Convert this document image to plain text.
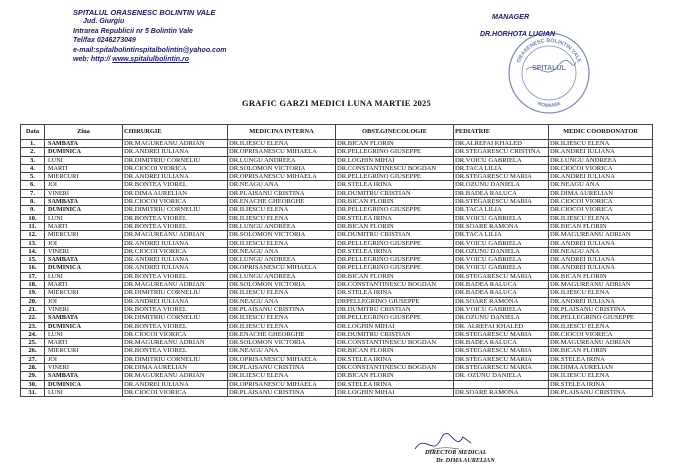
SPITALUL ORASENESC BOLINTIN VALE
Jud. Giurgiu
Intrarea Republicii nr 5 Bolintin Vale
Tel/fax 0246273049
e-mail:spitalbolintinspitalbolintin@yahoo.com
web: http:// www.spitalulbolintin.ro
MANAGER
ORASENESC BOLINTIN VALE
SPITALUL
ROMANIA
DR.HORHOTA LUCIAN
GRAFIC GARZI MEDICI LUNA MARTIE 2025
Data	Ziua	CHIRURGIE	MEDICINA INTERNA	OBST.GINECOLOGIE	PEDIATRIE	MEDIC COORDONATOR
1.	SAMBATA	DR.MAGUREANU ADRIAN	DR.ILIESCU ELENA	DR.BICAN FLORIN	DR.ALREFAI KHALED	DR.ILIESCU ELENA
2.	DUMINICA	DR.ANDREI IULIANA	DR.OPRISANESCU MIHAELA	DR.PELLEGRINO GIUSEPPE	DR.STEGARESCU CRISTINA	DR.ANDREI IULIANA
3.	LUNI	DR.DIMITRIU CORNELIU	DR.LUNGU ANDREEA	DR.LOGHIN MIHAI	DR.VOICU GABRIELA	DR.LUNGU ANDREEA
4.	MARTI	DR.CIOCOI VIORICA	DR.SOLOMON VICTORIA	DR.CONSTANTINESCU BOGDAN	DR.TACA LILIA	DR.CIOCOI VIORICA
5.	MIERCURI	DR.ANDREI IULIANA	DR.OPRISANESCU MIHAELA	DR.PELLEGRINO GIUSEPPE	DR.STEGARESCU MARIA	DR.ANDREI IULIANA
6.	JOI	DR.BONTEA VIOREL	DR.NEAGU ANA	DR.STELEA IRINA	DR.OZUNU DANIELA	DR.NEAGU ANA
7.	VINERI	DR.DIMA AURELIAN	DR.PLAISANU CRISTINA	DR.DUMITRU CRISTIAN	DR.BADEA RALUCA	DR.DIMA AURELIAN
8.	SAMBATA	DR.CIOCOI VIORICA	DR.ENACHE GHEORGHE	DR.BICAN FLORIN	DR.STEGARESCU MARIA	DR.CIOCOI VIORICA
9.	DUMINICA	DR.DIMITRIU CORNELIU	DR.ILIESCU ELENA	DR.PELLEGRINO GIUSEPPE	DR.TACA LILIA	DR.CIOCOI VIORICA
10.	LUNI	DR.BONTEA VIOREL	DR.ILIESCU ELENA	DR.STELEA IRINA	DR.VOICU GABRIELA	DR.ILIESCU ELENA
11.	MARTI	DR.BONTEA VIOREL	DR.LUNGU ANDREEA	DR.BICAN FLORIN	DR.SOARE RAMONA	DR.BICAN FLORIN
12.	MIERCURI	DR.MAGUREANU ADRIAN	DR.SOLOMON VICTORIA	DR.DUMITRU CRISTIAN	DR.TACA LILIA	DR.MAGUREANU ADRIAN
13.	JOI	DR.ANDREI IULIANA	DR.ILIESCU ELENA	DR.PELLEGRINO GIUSEPPE	DR.VOICU GABRIELA	DR.ANDREI IULIANA
14.	VINERI	DR.CIOCOI VIORICA	DR.NEAGU ANA	DR.STELEA IRINA	DR.OZUNU DANIELA	DR.NEAGU ANA
15.	SAMBATA	DR.ANDREI IULIANA	DR.LUNGU ANDREEA	DR.PELLEGRINO GIUSEPPE	DR.VOICU GABRIELA	DR.ANDREI IULIANA
16.	DUMINICA	DR.ANDREI IULIANA	DR.OPRISANESCU MIHAELA	DR.PELLEGRINO GIUSEPPE	DR.VOICU GABRIELA	DR.ANDREI IULIANA
17.	LUNI	DR.BONTEA VIOREL	DR.LUNGU ANDREEA	DR.BICAN FLORIN	DR.STEGARESCU MARIA	DR.BICAN FLORIN
18.	MARTI	DR.MAGUREANU ADRIAN	DR.SOLOMON VICTORIA	DR.CONSTANTINESCU BOGDAN	DR.BADEA RALUCA	DR.MAGUREANU ADRIAN
19.	MIERCURI	DR.DIMITRIU CORNELIU	DR.ILIESCU ELENA	DR.STELEA IRINA	DR.BADEA RALUCA	DR.ILIESCU ELENA
20.	JOI	DR.ANDREI IULIANA	DR.NEAGU ANA	DRPELLEGRINO GIUSEPPE	DR.SOARE RAMONA	DR.ANDREI IULIANA
21.	VINERI	DR.BONTEA VIOREL	DR.PLAISANU CRISTINA	DR.DUMITRU CRISTIAN	DR.VOICU GABRIELA	DR.PLAISANU CRISTINA
22.	SAMBATA	DR.DIMITRIU CORNELIU	DR.ILIESCU ELENA	DR.PELLEGRINO GIUSEPPE	DR.OZUNU DANIELA	DR.PELLEGRINO GIUSEPPE
23.	DUMINICA	DR.BONTEA VIOREL	DR.ILIESCU ELENA	DR.LOGHIN MIHAI	DR. ALREFAI KHALED	DR.ILIESCU ELENA
24.	LUNI	DR.CIOCOI VIORICA	DR.ENACHE GHEORGHE	DR.DUMITRU CRISTIAN	DR.STEGARESCU MARIA	DR.CIOCOI VIORICA
25.	MARTI	DR.MAGUREANU ADRIAN	DR.SOLOMON VICTORIA	DR.CONSTANTINESCU BOGDAN	DR.BADEA RALUCA	DR.MAGUREANU ADRIAN
26.	MIERCURI	DR.BONTEA VIOREL	DR.NEAGU ANA	DR.BICAN FLORIN	DR.STEGARESCU MARIA	DR.BICAN FLORIN
27.	JOI	DR.DIMITRIU CORNELIU	DR.OPRISANESCU MIHAELA	DR.STELEA IRINA	DR.STEGARESCU MARIA	DR.STELEA IRINA
28.	VINERI	DR.DIMA AURELIAN	DR.PLAISANU CRISTINA	DR.CONSTANTINESCU BOGDAN	DR.STEGARESCU MARIA	DR.DIMA AURELIAN
29.	SAMBATA	DR.MAGUREANU ADRIAN	DR.ILIESCU ELENA	DR.BICAN FLORIN	DR. OZUNU DANIELA	DR.ILIESCU ELENA
30.	DUMINICA	DR.ANDREI IULIANA	DR.OPRISANESCU MIHAELA	DR.STELEA IRINA		DR.STELEA IRINA
31.	LUNI	DR.CIOCOI VIORICA	DR.PLAISANU CRISTINA	DR.LOGHIN MIHAI	DR.SOARE RAMONA	DR.PLAISANU CRISTINA
DIRECTOR MEDICAL
Dr. DIMA AURELIAN
